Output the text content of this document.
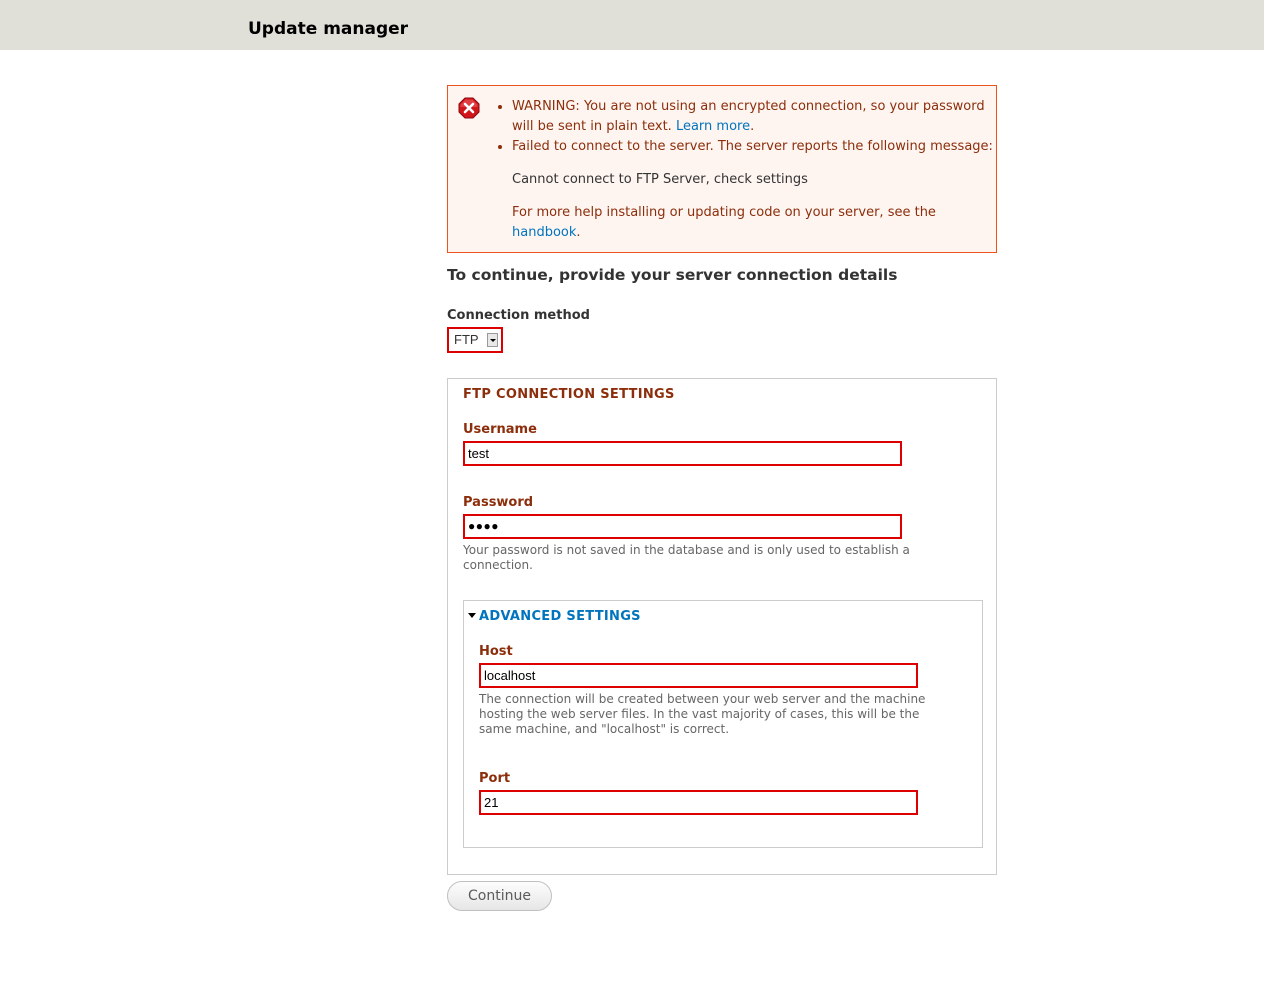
Update manager
• WARNING: You are not using an encrypted connection, so your password will be sent in plain text. Learn more.
• Failed to connect to the server. The server reports the following message:

Cannot connect to FTP Server, check settings

For more help installing or updating code on your server, see the handbook.

To continue, provide your server connection details
Connection method
FTP
FTP CONNECTION SETTINGS
Username
test
Password
●●●●
Your password is not saved in the database and is only used to establish a connection.
ADVANCED SETTINGS
Host
localhost
The connection will be created between your web server and the machine hosting the web server files. In the vast majority of cases, this will be the same machine, and "localhost" is correct.
Port
21
Continue
